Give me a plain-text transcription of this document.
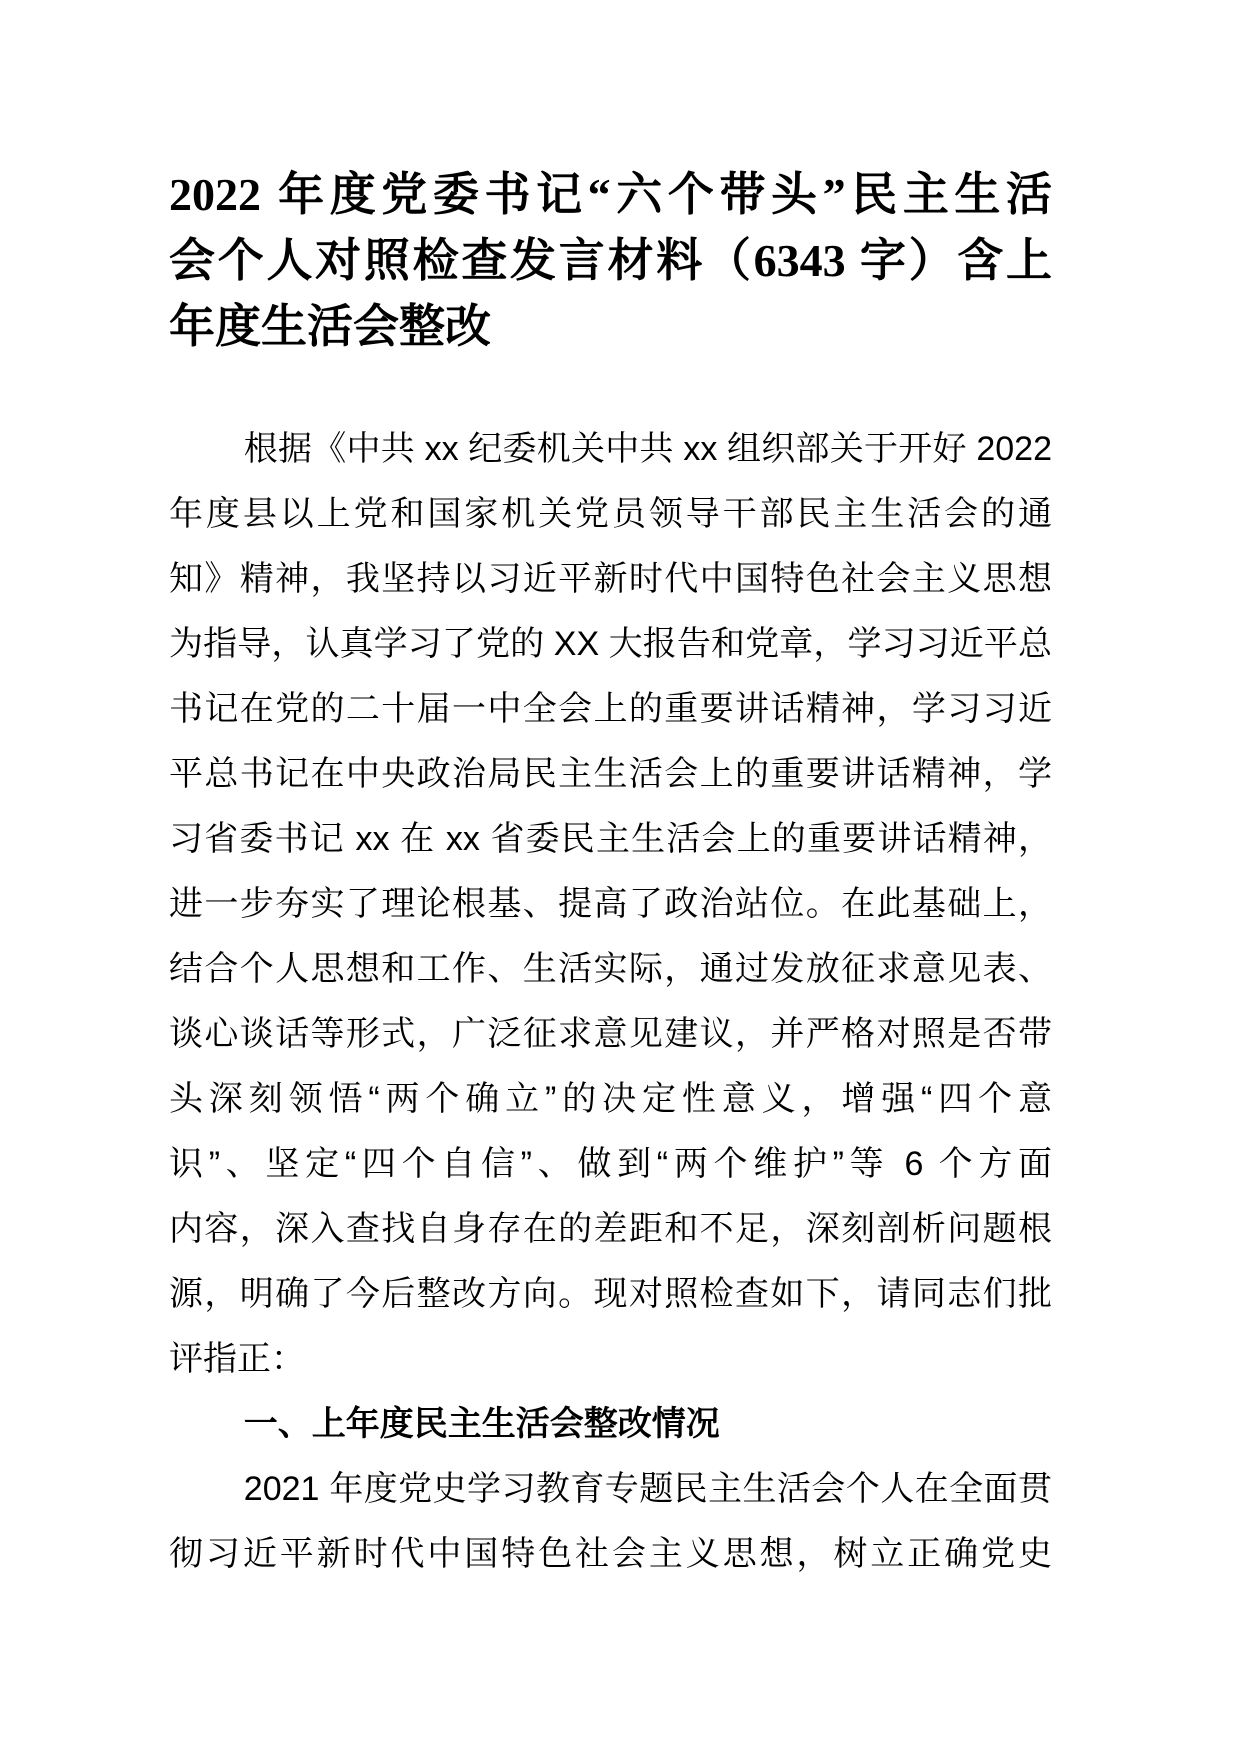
2022 年度党委书记“六个带头”民主生活
会个人对照检查发言材料（6343 字）含上
年度生活会整改
根据《中共 xx 纪委机关中共 xx 组织部关于开好 2022
年度县以上党和国家机关党员领导干部民主生活会的通
知》精神，我坚持以习近平新时代中国特色社会主义思想
为指导，认真学习了党的 XX 大报告和党章，学习习近平总
书记在党的二十届一中全会上的重要讲话精神，学习习近
平总书记在中央政治局民主生活会上的重要讲话精神，学
习省委书记 xx 在 xx 省委民主生活会上的重要讲话精神，
进一步夯实了理论根基、提高了政治站位。在此基础上，
结合个人思想和工作、生活实际，通过发放征求意见表、
谈心谈话等形式，广泛征求意见建议，并严格对照是否带
头深刻领悟“两个确立”的决定性意义，增强“四个意
识”、坚定“四个自信”、做到“两个维护”等 6 个方面
内容，深入查找自身存在的差距和不足，深刻剖析问题根
源，明确了今后整改方向。现对照检查如下，请同志们批
评指正：
一、上年度民主生活会整改情况
2021 年度党史学习教育专题民主生活会个人在全面贯
彻习近平新时代中国特色社会主义思想，树立正确党史
